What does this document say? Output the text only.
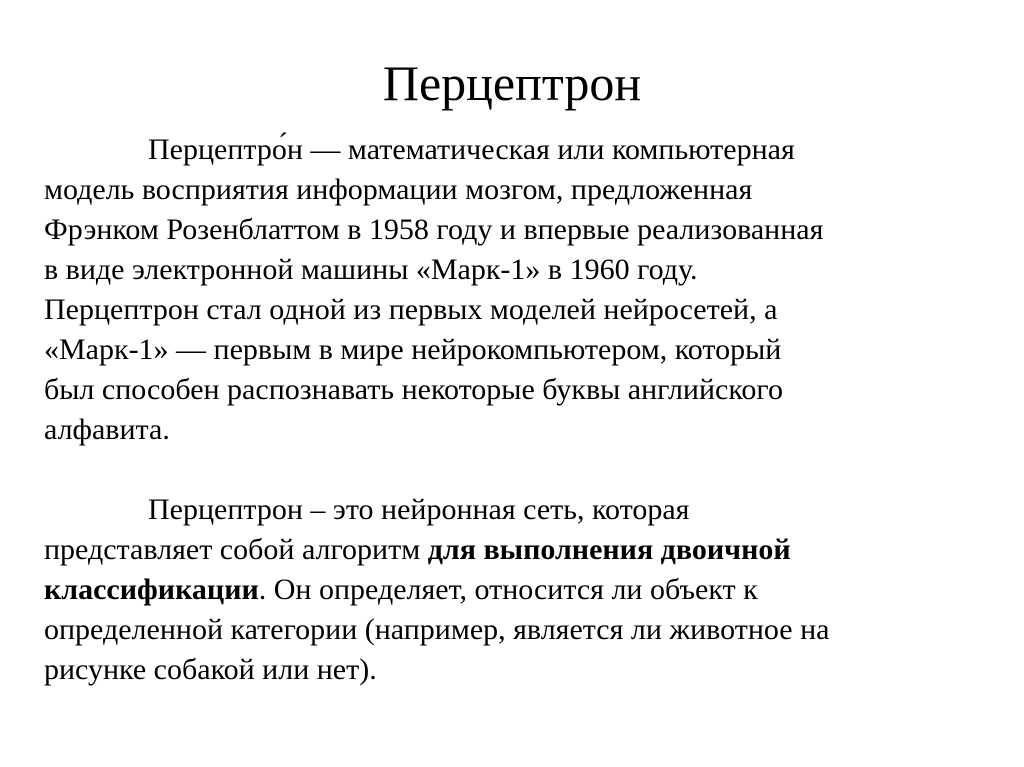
Перцептрон

Перцептро́н — математическая или компьютерная
модель восприятия информации мозгом, предложенная
Фрэнком Розенблаттом в 1958 году и впервые реализованная
в виде электронной машины «Марк-1» в 1960 году.
Перцептрон стал одной из первых моделей нейросетей, а
«Марк-1» — первым в мире нейрокомпьютером, который
был способен распознавать некоторые буквы английского
алфавита.

Перцептрон – это нейронная сеть, которая
представляет собой алгоритм для выполнения двоичной
классификации. Он определяет, относится ли объект к
определенной категории (например, является ли животное на
рисунке собакой или нет).
